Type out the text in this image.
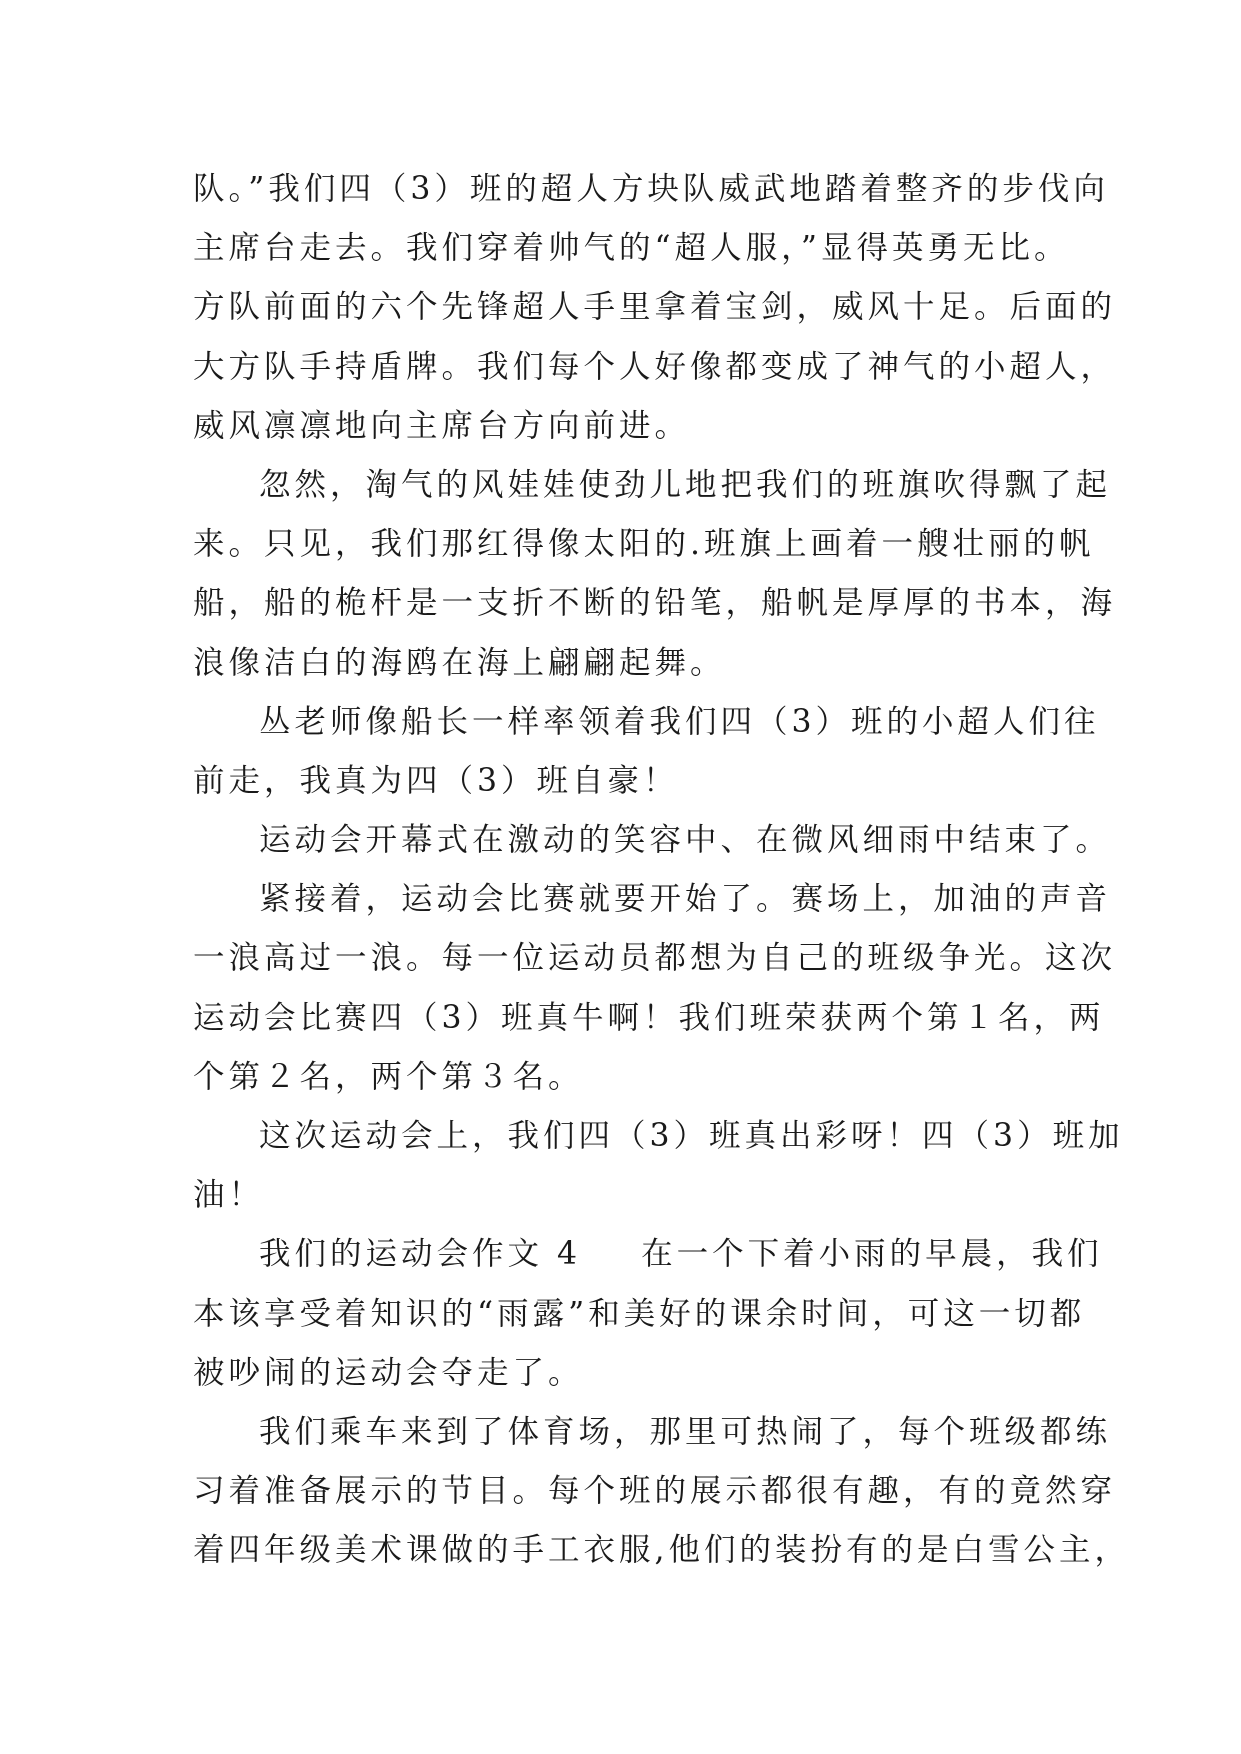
队。”我们四（3）班的超人方块队威武地踏着整齐的步伐向
主席台走去。我们穿着帅气的“超人服，”显得英勇无比。
方队前面的六个先锋超人手里拿着宝剑，威风十足。后面的
大方队手持盾牌。我们每个人好像都变成了神气的小超人，
威风凛凛地向主席台方向前进。
忽然，淘气的风娃娃使劲儿地把我们的班旗吹得飘了起
来。只见，我们那红得像太阳的.班旗上画着一艘壮丽的帆
船，船的桅杆是一支折不断的铅笔，船帆是厚厚的书本，海
浪像洁白的海鸥在海上翩翩起舞。
丛老师像船长一样率领着我们四（3）班的小超人们往
前走，我真为四（3）班自豪！
运动会开幕式在激动的笑容中、在微风细雨中结束了。
紧接着，运动会比赛就要开始了。赛场上，加油的声音
一浪高过一浪。每一位运动员都想为自己的班级争光。这次
运动会比赛四（3）班真牛啊！我们班荣获两个第１名，两
个第２名，两个第３名。
这次运动会上，我们四（3）班真出彩呀！四（3）班加
油！
我们的运动会作文 4 在一个下着小雨的早晨，我们
本该享受着知识的“雨露”和美好的课余时间，可这一切都
被吵闹的运动会夺走了。
我们乘车来到了体育场，那里可热闹了，每个班级都练
习着准备展示的节目。每个班的展示都很有趣，有的竟然穿
着四年级美术课做的手工衣服,他们的装扮有的是白雪公主，
